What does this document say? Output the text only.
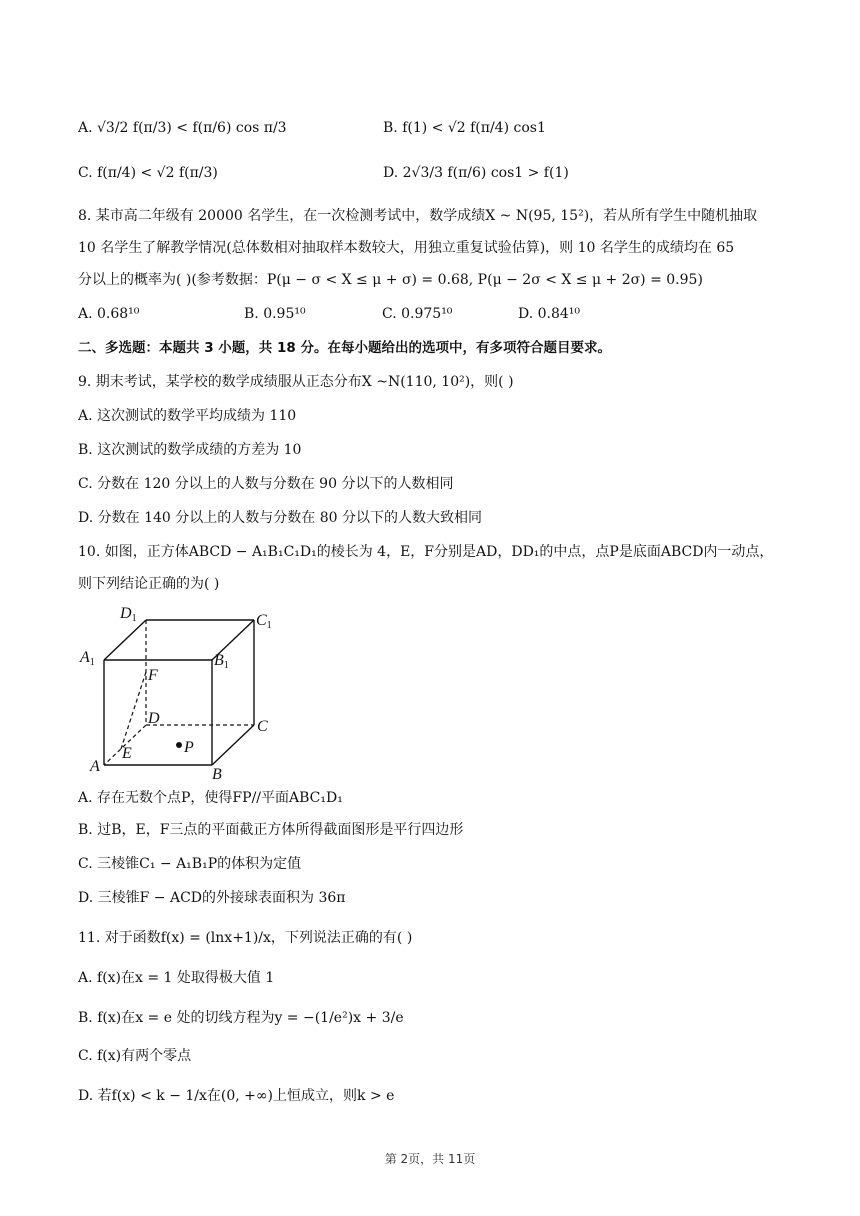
A. √3/2 f(π/3) < f(π/6) cos π/3	B. f(1) < √2 f(π/4) cos1
C. f(π/4) < √2 f(π/3)	D. 2√3/3 f(π/6) cos1 > f(1)
8. 某市高二年级有 20000 名学生，在一次检测考试中，数学成绩X ~ N(95, 15²)，若从所有学生中随机抽取
10 名学生了解教学情况(总体数相对抽取样本数较大，用独立重复试验估算)，则 10 名学生的成绩均在 65
分以上的概率为( )(参考数据：P(μ − σ < X ≤ μ + σ) = 0.68, P(μ − 2σ < X ≤ μ + 2σ) = 0.95)
A. 0.68¹⁰	B. 0.95¹⁰	C. 0.975¹⁰	D. 0.84¹⁰
二、多选题：本题共 3 小题，共 18 分。在每小题给出的选项中，有多项符合题目要求。
9. 期末考试，某学校的数学成绩服从正态分布X ~N(110, 10²)，则( )
A. 这次测试的数学平均成绩为 110
B. 这次测试的数学成绩的方差为 10
C. 分数在 120 分以上的人数与分数在 90 分以下的人数相同
D. 分数在 140 分以上的人数与分数在 80 分以下的人数大致相同
10. 如图，正方体ABCD − A₁B₁C₁D₁的棱长为 4，E，F分别是AD，DD₁的中点，点P是底面ABCD内一动点，
则下列结论正确的为( )
D1	C1
A1	B1
F
D	C
A
E	P
B
A. 存在无数个点P，使得FP//平面ABC₁D₁
B. 过B，E，F三点的平面截正方体所得截面图形是平行四边形
C. 三棱锥C₁ − A₁B₁P的体积为定值
D. 三棱锥F − ACD的外接球表面积为 36π
11. 对于函数f(x) = (lnx+1)/x，下列说法正确的有( )
A. f(x)在x = 1 处取得极大值 1
B. f(x)在x = e 处的切线方程为y = −(1/e²)x + 3/e
C. f(x)有两个零点
D. 若f(x) < k − 1/x在(0, +∞)上恒成立，则k > e
第 2页，共 11页
